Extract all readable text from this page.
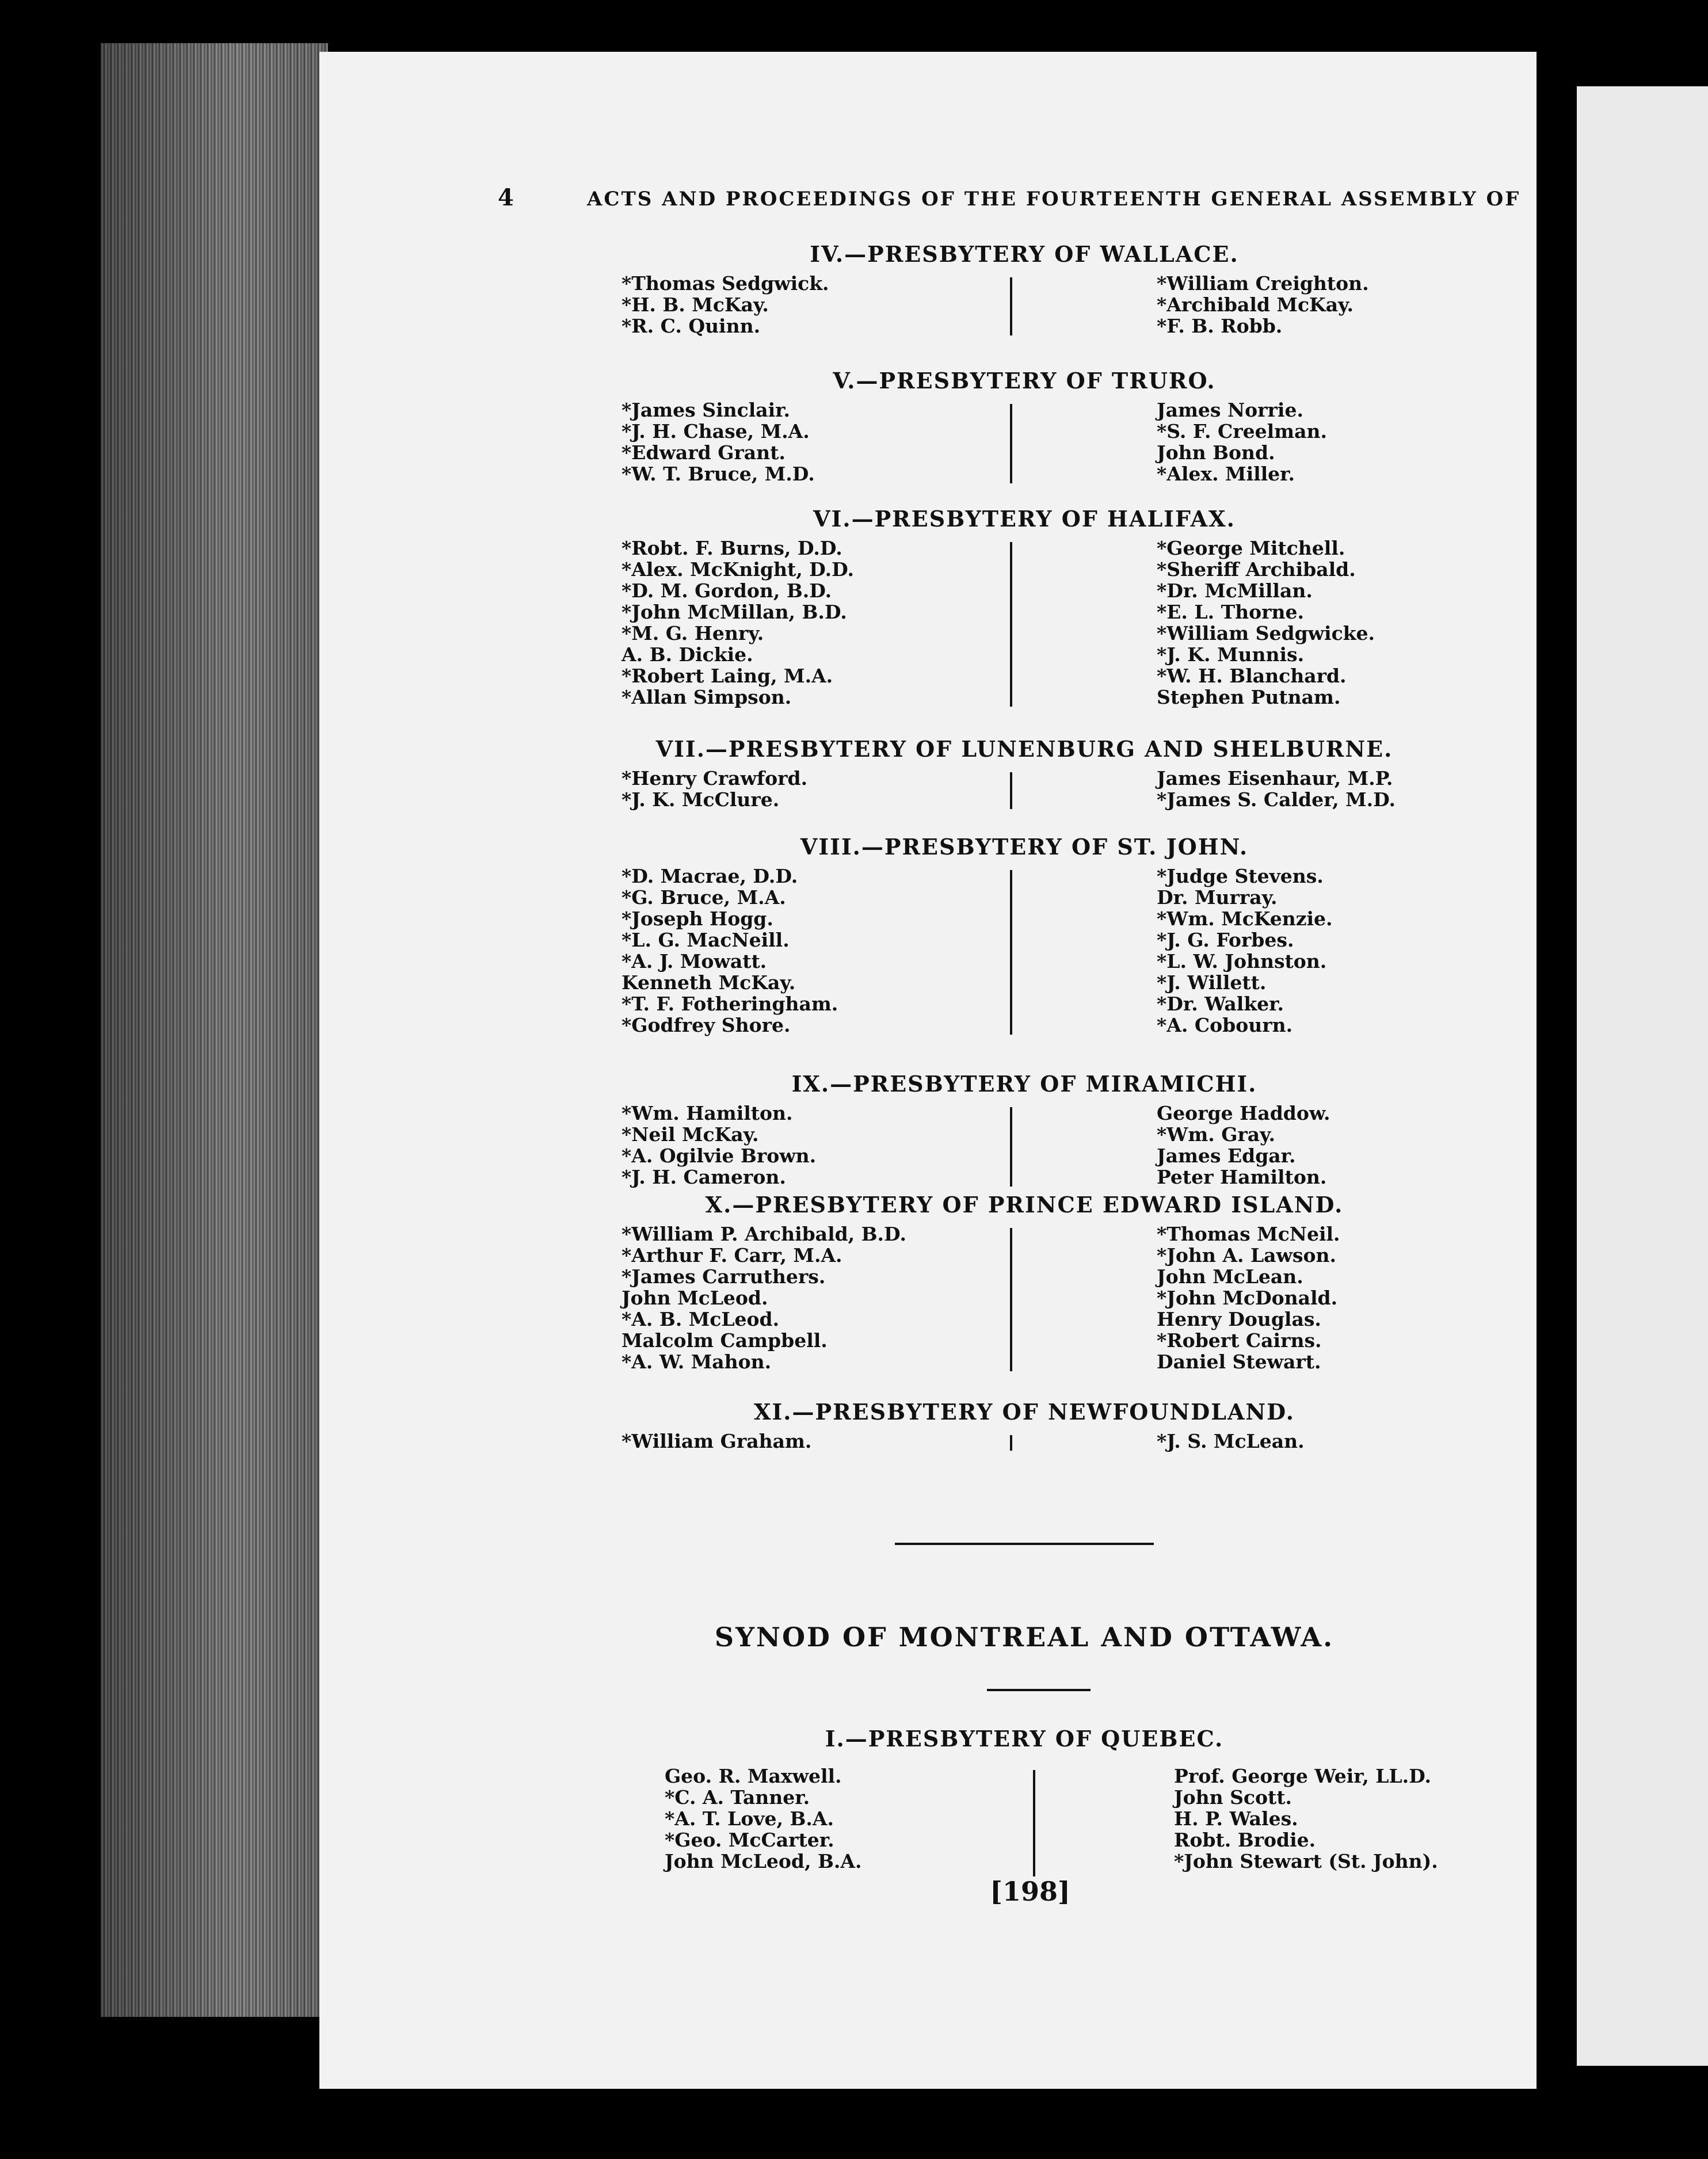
4	ACTS AND PROCEEDINGS OF THE FOURTEENTH GENERAL ASSEMBLY OF
IV.—PRESBYTERY OF WALLACE.
*Thomas Sedgwick.
*H. B. McKay.
*R. C. Quinn.
*William Creighton.
*Archibald McKay.
*F. B. Robb.
V.—PRESBYTERY OF TRURO.
*James Sinclair.
*J. H. Chase, M.A.
*Edward Grant.
*W. T. Bruce, M.D.
James Norrie.
*S. F. Creelman.
John Bond.
*Alex. Miller.
VI.—PRESBYTERY OF HALIFAX.
*Robt. F. Burns, D.D.
*Alex. McKnight, D.D.
*D. M. Gordon, B.D.
*John McMillan, B.D.
*M. G. Henry.
A. B. Dickie.
*Robert Laing, M.A.
*Allan Simpson.
*George Mitchell.
*Sheriff Archibald.
*Dr. McMillan.
*E. L. Thorne.
*William Sedgwicke.
*J. K. Munnis.
*W. H. Blanchard.
Stephen Putnam.
VII.—PRESBYTERY OF LUNENBURG AND SHELBURNE.
*Henry Crawford.
*J. K. McClure.
James Eisenhaur, M.P.
*James S. Calder, M.D.
VIII.—PRESBYTERY OF ST. JOHN.
*D. Macrae, D.D.
*G. Bruce, M.A.
*Joseph Hogg.
*L. G. MacNeill.
*A. J. Mowatt.
Kenneth McKay.
*T. F. Fotheringham.
*Godfrey Shore.
*Judge Stevens.
Dr. Murray.
*Wm. McKenzie.
*J. G. Forbes.
*L. W. Johnston.
*J. Willett.
*Dr. Walker.
*A. Cobourn.
IX.—PRESBYTERY OF MIRAMICHI.
*Wm. Hamilton.
*Neil McKay.
*A. Ogilvie Brown.
*J. H. Cameron.
George Haddow.
*Wm. Gray.
James Edgar.
Peter Hamilton.
X.—PRESBYTERY OF PRINCE EDWARD ISLAND.
*William P. Archibald, B.D.
*Arthur F. Carr, M.A.
*James Carruthers.
John McLeod.
*A. B. McLeod.
Malcolm Campbell.
*A. W. Mahon.
*Thomas McNeil.
*John A. Lawson.
John McLean.
*John McDonald.
Henry Douglas.
*Robert Cairns.
Daniel Stewart.
XI.—PRESBYTERY OF NEWFOUNDLAND.
*William Graham.	*J. S. McLean.
SYNOD OF MONTREAL AND OTTAWA.
I.—PRESBYTERY OF QUEBEC.
Geo. R. Maxwell.
*C. A. Tanner.
*A. T. Love, B.A.
*Geo. McCarter.
John McLeod, B.A.
Prof. George Weir, LL.D.
John Scott.
H. P. Wales.
Robt. Brodie.
*John Stewart (St. John).
[198]
